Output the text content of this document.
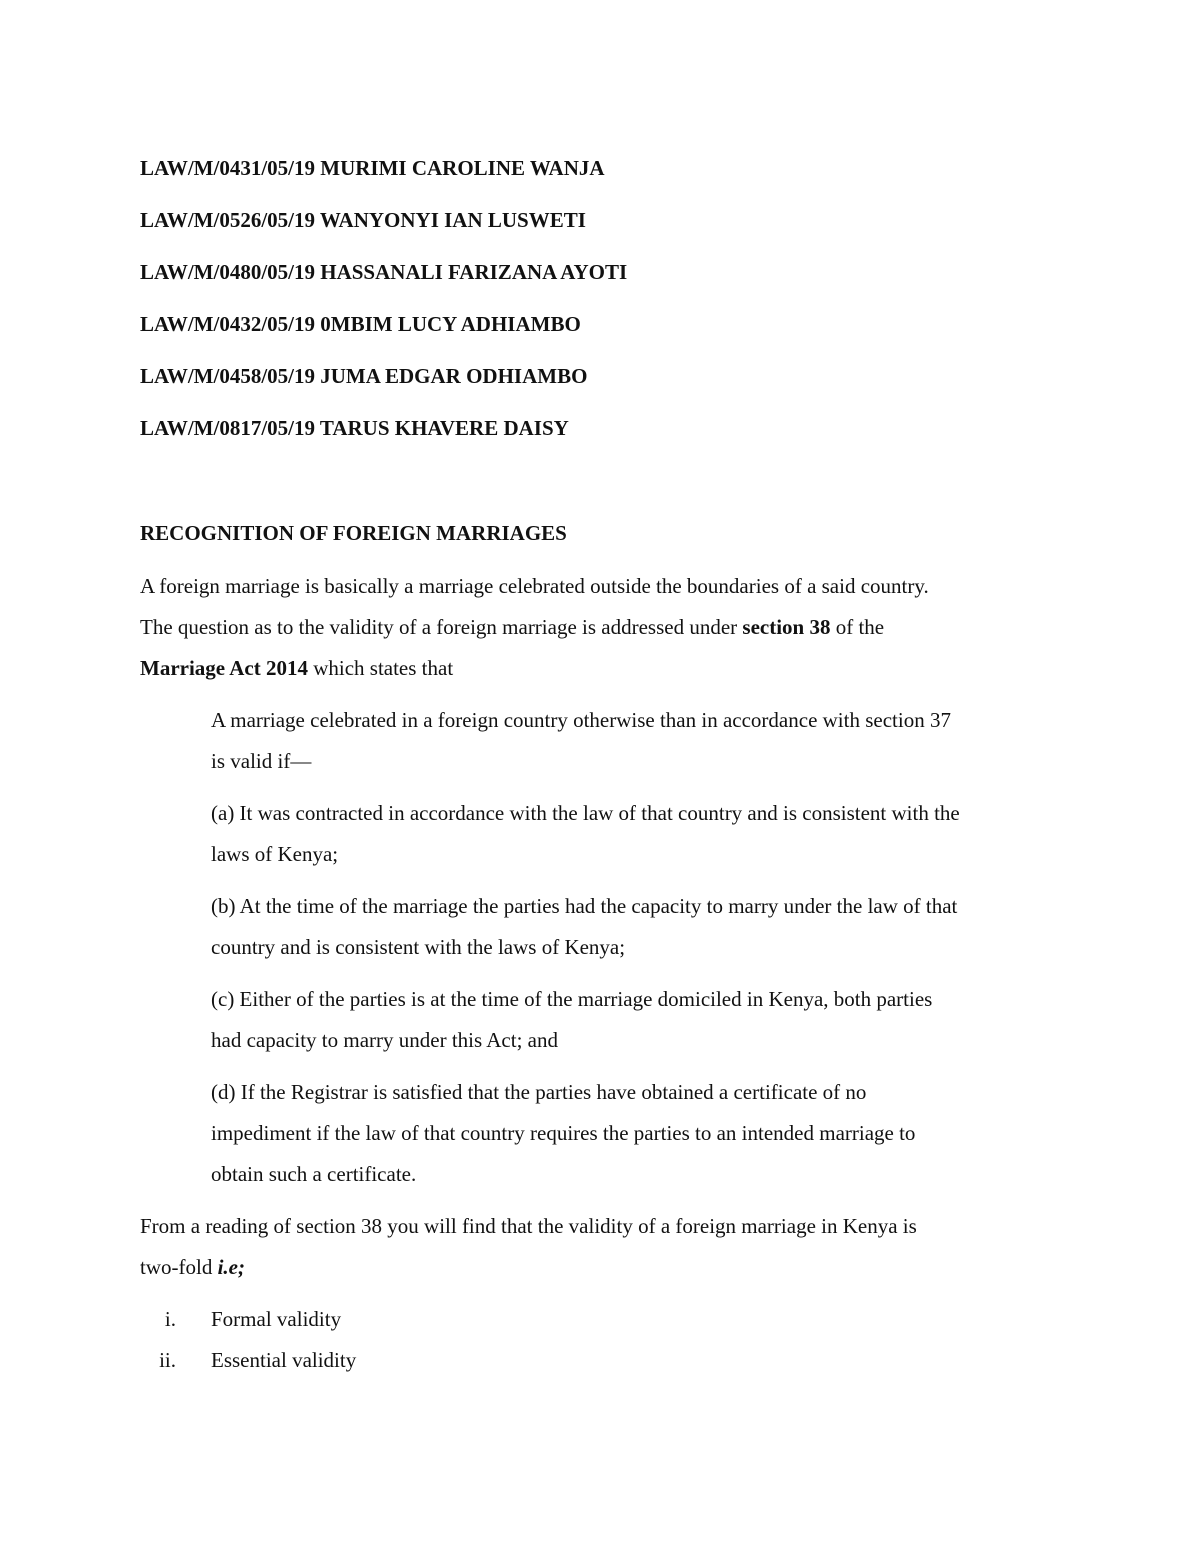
LAW/M/0431/05/19 MURIMI CAROLINE WANJA
LAW/M/0526/05/19 WANYONYI IAN LUSWETI
LAW/M/0480/05/19 HASSANALI FARIZANA AYOTI
LAW/M/0432/05/19 0MBIM LUCY ADHIAMBO
LAW/M/0458/05/19 JUMA EDGAR ODHIAMBO
LAW/M/0817/05/19 TARUS KHAVERE DAISY
RECOGNITION OF FOREIGN MARRIAGES
A foreign marriage is basically a marriage celebrated outside the boundaries of a said country.
The question as to the validity of a foreign marriage is addressed under section 38 of the
Marriage Act 2014 which states that
A marriage celebrated in a foreign country otherwise than in accordance with section 37
is valid if—
(a) It was contracted in accordance with the law of that country and is consistent with the
laws of Kenya;
(b) At the time of the marriage the parties had the capacity to marry under the law of that
country and is consistent with the laws of Kenya;
(c) Either of the parties is at the time of the marriage domiciled in Kenya, both parties
had capacity to marry under this Act; and
(d) If the Registrar is satisfied that the parties have obtained a certificate of no
impediment if the law of that country requires the parties to an intended marriage to
obtain such a certificate.
From a reading of section 38 you will find that the validity of a foreign marriage in Kenya is
two-fold i.e;
i. Formal validity
ii. Essential validity
